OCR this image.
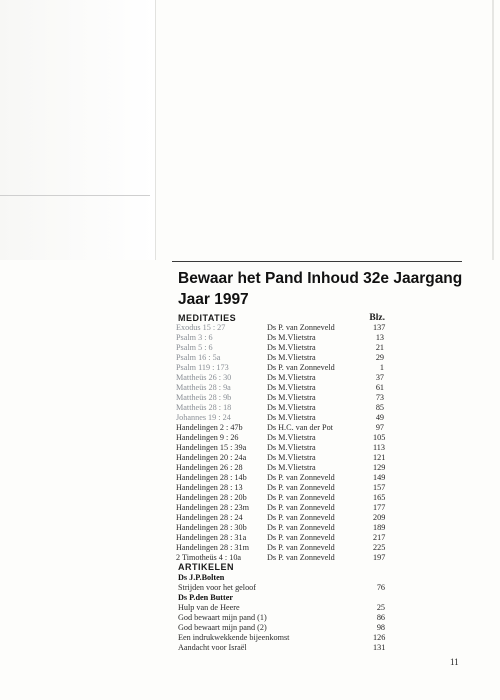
Bewaar het Pand Inhoud 32e Jaargang
Jaar 1997
MEDITATIES	Blz.
Exodus 15 : 27	Ds P. van Zonneveld	137
Psalm 3 : 6	Ds M.Vlietstra	13
Psalm 5 : 6	Ds M.Vlietstra	21
Psalm 16 : 5a	Ds M.Vlietstra	29
Psalm 119 : 173	Ds P. van Zonneveld	1
Mattheüs 26 : 30	Ds M.Vlietstra	37
Mattheüs 28 : 9a	Ds M.Vlietstra	61
Mattheüs 28 : 9b	Ds M.Vlietstra	73
Mattheüs 28 : 18	Ds M.Vlietstra	85
Johannes 19 : 24	Ds M.Vlietstra	49
Handelingen 2 : 47b	Ds H.C. van der Pot	97
Handelingen 9 : 26	Ds M.Vlietstra	105
Handelingen 15 : 39a	Ds M.Vlietstra	113
Handelingen 20 : 24a	Ds M.Vlietstra	121
Handelingen 26 : 28	Ds M.Vlietstra	129
Handelingen 28 : 14b	Ds P. van Zonneveld	149
Handelingen 28 : 13	Ds P. van Zonneveld	157
Handelingen 28 : 20b	Ds P. van Zonneveld	165
Handelingen 28 : 23m	Ds P. van Zonneveld	177
Handelingen 28 : 24	Ds P. van Zonneveld	209
Handelingen 28 : 30b	Ds P. van Zonneveld	189
Handelingen 28 : 31a	Ds P. van Zonneveld	217
Handelingen 28 : 31m	Ds P. van Zonneveld	225
2 Timotheüs 4 : 10a	Ds P. van Zonneveld	197
ARTIKELEN
Ds J.P.Bolten
Strijden voor het geloof	76
Ds P.den Butter
Hulp van de Heere	25
God bewaart mijn pand (1)	86
God bewaart mijn pand (2)	98
Een indrukwekkende bijeenkomst	126
Aandacht voor Israël	131
11
